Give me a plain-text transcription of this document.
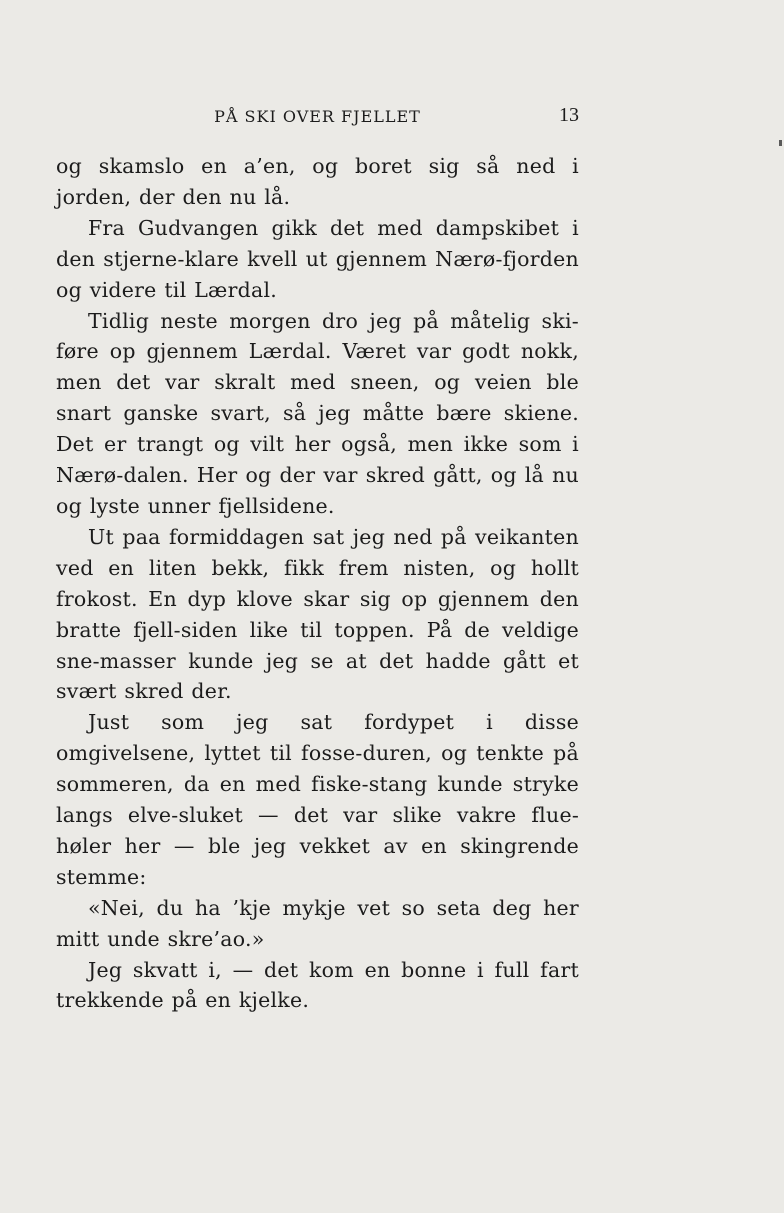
PÅ SKI OVER FJELLET	13

og skamslo en a’en, og boret sig så ned i jorden, der den nu lå.

Fra Gudvangen gikk det med dampskibet i den stjerne-klare kvell ut gjennem Nærø-fjorden og videre til Lærdal.

Tidlig neste morgen dro jeg på måtelig ski-føre op gjennem Lærdal. Været var godt nokk, men det var skralt med sneen, og veien ble snart ganske svart, så jeg måtte bære skiene. Det er trangt og vilt her også, men ikke som i Nærø-dalen. Her og der var skred gått, og lå nu og lyste unner fjellsidene.

Ut paa formiddagen sat jeg ned på veikanten ved en liten bekk, fikk frem nisten, og hollt frokost. En dyp klove skar sig op gjennem den bratte fjell-siden like til toppen. På de veldige sne-masser kunde jeg se at det hadde gått et svært skred der.

Just som jeg sat fordypet i disse omgivelsene, lyttet til fosse-duren, og tenkte på sommeren, da en med fiske-stang kunde stryke langs elve-sluket — det var slike vakre flue-høler her — ble jeg vekket av en skingrende stemme:

«Nei, du ha ’kje mykje vet so seta deg her mitt unde skre’ao.»

Jeg skvatt i, — det kom en bonne i full fart trekkende på en kjelke.
